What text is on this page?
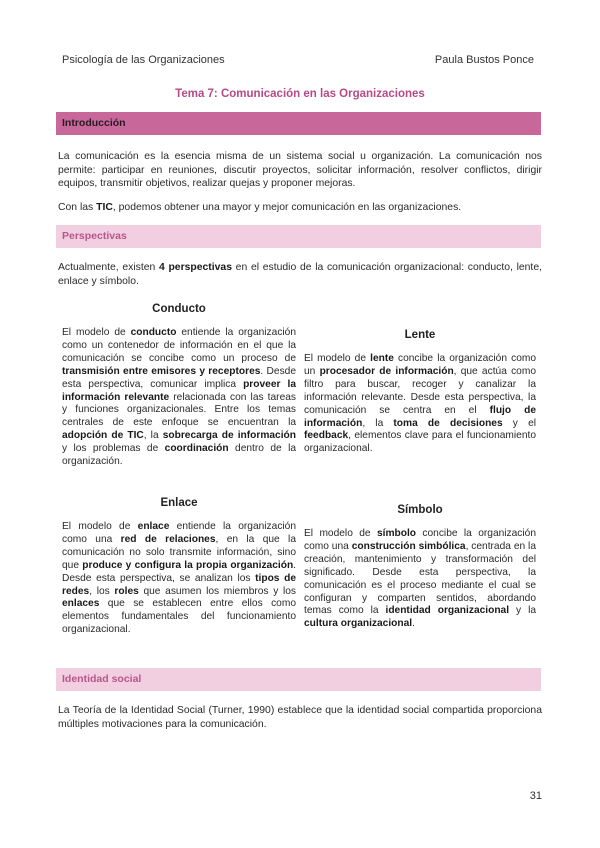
Psicología de las Organizaciones	Paula Bustos Ponce
Tema 7: Comunicación en las Organizaciones
Introducción

La comunicación es la esencia misma de un sistema social u organización. La comunicación nos permite: participar en reuniones, discutir proyectos, solicitar información, resolver conflictos, dirigir equipos, transmitir objetivos, realizar quejas y proponer mejoras.

Con las TIC, podemos obtener una mayor y mejor comunicación en las organizaciones.

Perspectivas

Actualmente, existen 4 perspectivas en el estudio de la comunicación organizacional: conducto, lente, enlace y símbolo.

Conducto

El modelo de conducto entiende la organización como un contenedor de información en el que la comunicación se concibe como un proceso de transmisión entre emisores y receptores. Desde esta perspectiva, comunicar implica proveer la información relevante relacionada con las tareas y funciones organizacionales. Entre los temas centrales de este enfoque se encuentran la adopción de TIC, la sobrecarga de información y los problemas de coordinación dentro de la organización.

Lente

El modelo de lente concibe la organización como un procesador de información, que actúa como filtro para buscar, recoger y canalizar la información relevante. Desde esta perspectiva, la comunicación se centra en el flujo de información, la toma de decisiones y el feedback, elementos clave para el funcionamiento organizacional.

Enlace

El modelo de enlace entiende la organización como una red de relaciones, en la que la comunicación no solo transmite información, sino que produce y configura la propia organización. Desde esta perspectiva, se analizan los tipos de redes, los roles que asumen los miembros y los enlaces que se establecen entre ellos como elementos fundamentales del funcionamiento organizacional.

Símbolo

El modelo de símbolo concibe la organización como una construcción simbólica, centrada en la creación, mantenimiento y transformación del significado. Desde esta perspectiva, la comunicación es el proceso mediante el cual se configuran y comparten sentidos, abordando temas como la identidad organizacional y la cultura organizacional.

Identidad social

La Teoría de la Identidad Social (Turner, 1990) establece que la identidad social compartida proporciona múltiples motivaciones para la comunicación.

31
